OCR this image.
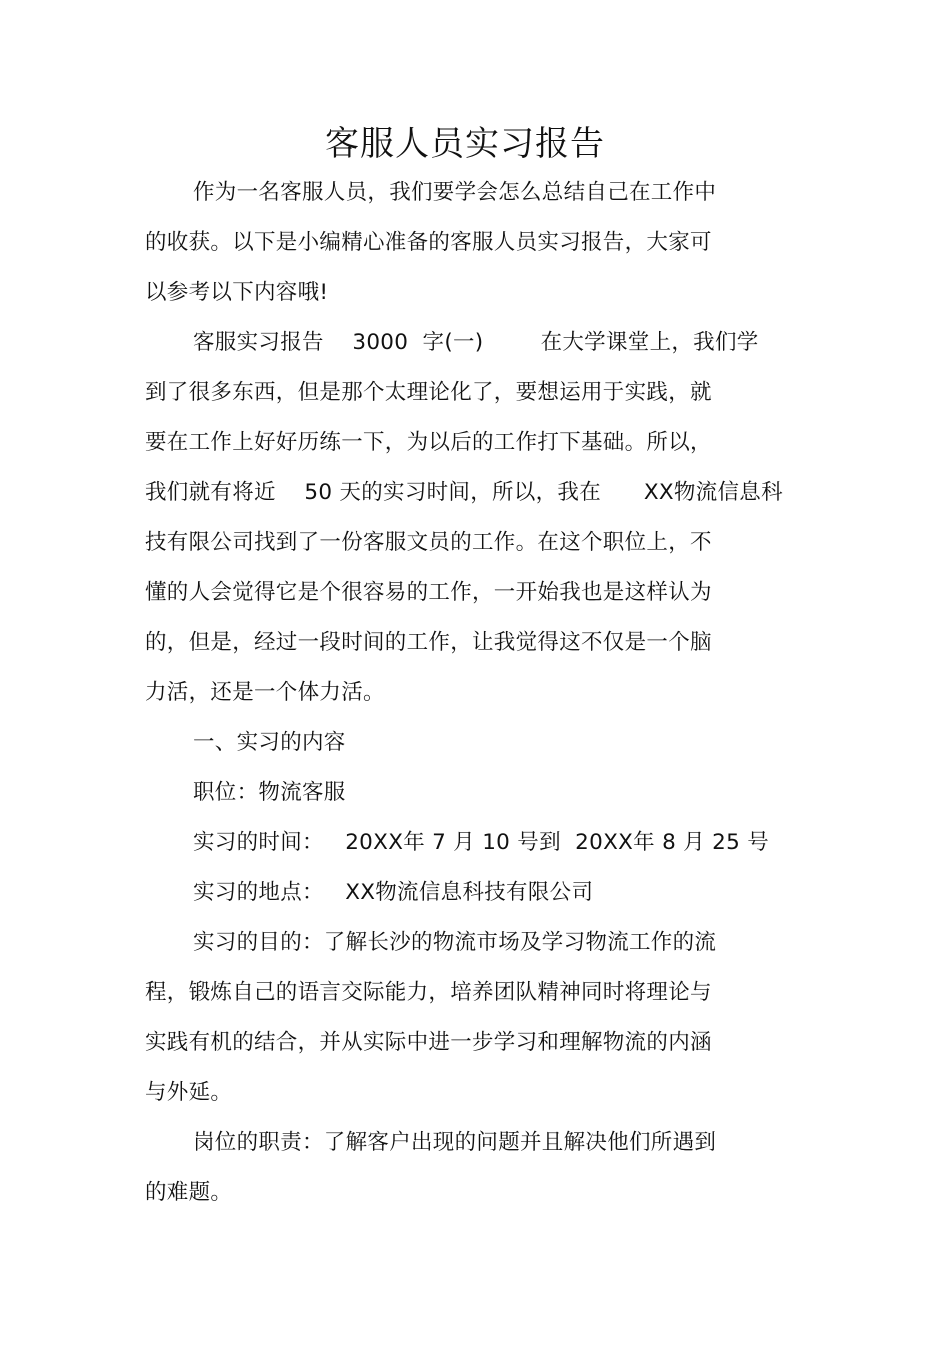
客服人员实习报告
作为一名客服人员，我们要学会怎么总结自己在工作中
的收获。以下是小编精心准备的客服人员实习报告，大家可
以参考以下内容哦!
客服实习报告    3000  字(一)        在大学课堂上，我们学
到了很多东西，但是那个太理论化了，要想运用于实践，就
要在工作上好好历练一下，为以后的工作打下基础。所以，
我们就有将近    50 天的实习时间，所以，我在      XX物流信息科
技有限公司找到了一份客服文员的工作。在这个职位上，不
懂的人会觉得它是个很容易的工作，一开始我也是这样认为
的，但是，经过一段时间的工作，让我觉得这不仅是一个脑
力活，还是一个体力活。
一、实习的内容
职位：物流客服
实习的时间：   20XX年 7 月 10 号到  20XX年 8 月 25 号
实习的地点：   XX物流信息科技有限公司
实习的目的：了解长沙的物流市场及学习物流工作的流
程，锻炼自己的语言交际能力，培养团队精神同时将理论与
实践有机的结合，并从实际中进一步学习和理解物流的内涵
与外延。
岗位的职责：了解客户出现的问题并且解决他们所遇到
的难题。
